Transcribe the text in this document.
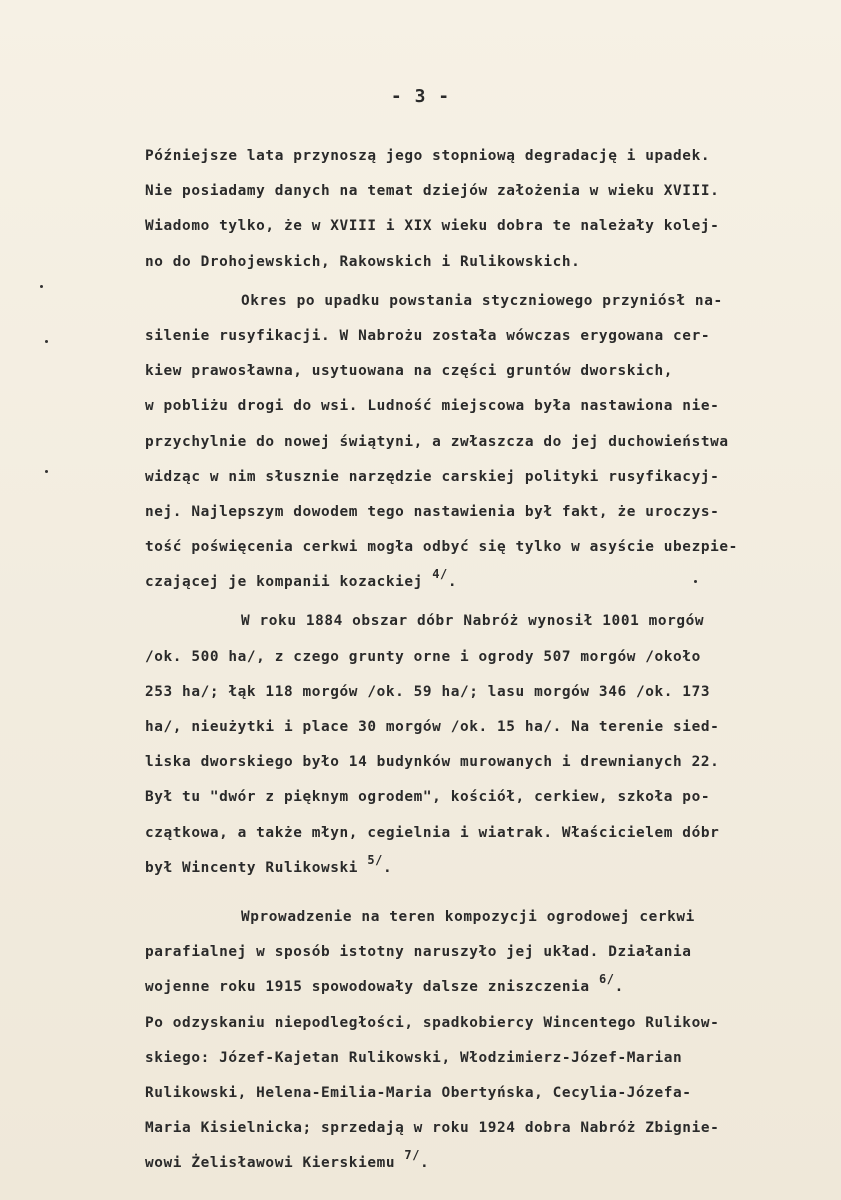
- 3 -
Późniejsze lata przynoszą jego stopniową degradację i upadek.
Nie posiadamy danych na temat dziejów założenia w wieku XVIII.
Wiadomo tylko, że w XVIII i XIX wieku dobra te należały kolej-
no do Drohojewskich, Rakowskich i Rulikowskich.
Okres po upadku powstania styczniowego przyniósł na-
silenie rusyfikacji. W Nabrożu została wówczas erygowana cer-
kiew prawosławna, usytuowana na części gruntów dworskich,
w pobliżu drogi do wsi. Ludność miejscowa była nastawiona nie-
przychylnie do nowej świątyni, a zwłaszcza do jej duchowieństwa
widząc w nim słusznie narzędzie carskiej polityki rusyfikacyj-
nej. Najlepszym dowodem tego nastawienia był fakt, że uroczys-
tość poświęcenia cerkwi mogła odbyć się tylko w asyście ubezpie-
czającej je kompanii kozackiej $^{4/}$.
W roku 1884 obszar dóbr Nabróż wynosił 1001 morgów
/ok. 500 ha/, z czego grunty orne i ogrody 507 morgów /około
253 ha/; łąk 118 morgów /ok. 59 ha/; lasu morgów 346 /ok. 173
ha/, nieużytki i place 30 morgów /ok. 15 ha/. Na terenie sied-
liska dworskiego było 14 budynków murowanych i drewnianych 22.
Był tu "dwór z pięknym ogrodem", kościół, cerkiew, szkoła po-
czątkowa, a także młyn, cegielnia i wiatrak. Właścicielem dóbr
był Wincenty Rulikowski $^{5/}$.
Wprowadzenie na teren kompozycji ogrodowej cerkwi
parafialnej w sposób istotny naruszyło jej układ. Działania
wojenne roku 1915 spowodowały dalsze zniszczenia $^{6/}$.
Po odzyskaniu niepodległości, spadkobiercy Wincentego Rulikow-
skiego: Józef-Kajetan Rulikowski, Włodzimierz-Józef-Marian
Rulikowski, Helena-Emilia-Maria Obertyńska, Cecylia-Józefa-
Maria Kisielnicka; sprzedają w roku 1924 dobra Nabróż Zbignie-
wowi Żelisławowi Kierskiemu $^{7/}$.
